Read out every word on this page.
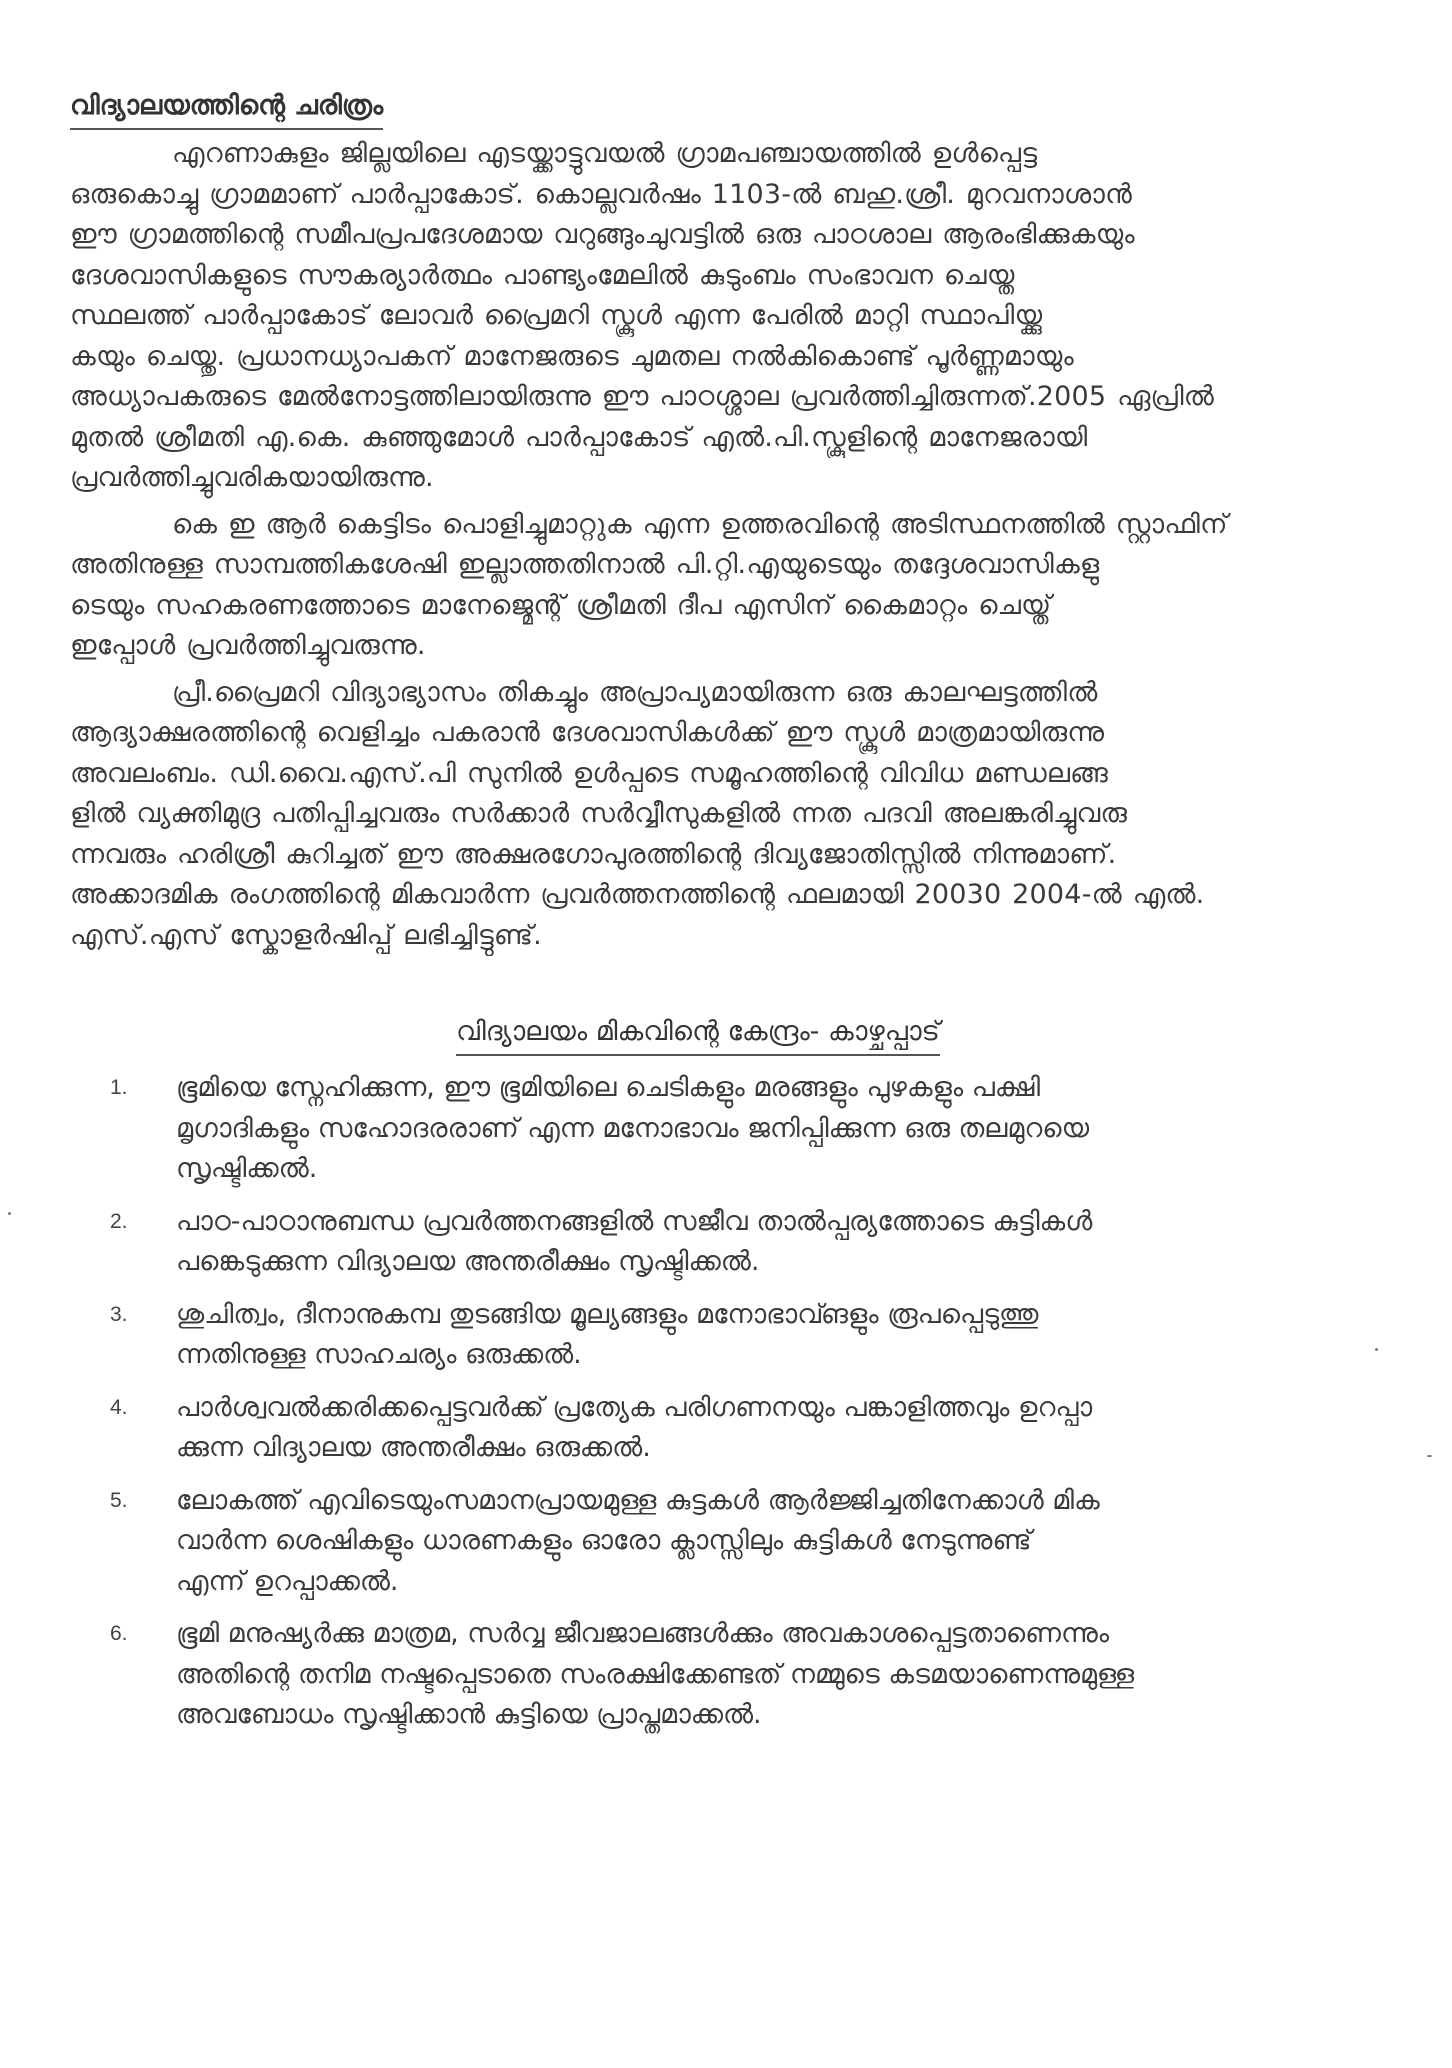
വിദ്യാലയത്തിന്റെ ചരിത്രം
എറണാകുളം ജില്ലയിലെ എടയ്ക്കാട്ടുവയൽ ഗ്രാമപഞ്ചായത്തിൽ ഉൾപ്പെട്ട
ഒരുകൊച്ചു ഗ്രാമമാണ് പാർപ്പാകോട്. കൊല്ലവർഷം 1103-ൽ ബഹു.ശ്രീ. മുറവനാശാൻ
ഈ ഗ്രാമത്തിന്റെ സമീപപ്രപദേശമായ വറുങ്ങുംചുവട്ടിൽ ഒരു പാഠശാല ആരംഭിക്കുകയും
ദേശവാസികളുടെ സൗകര്യാർത്ഥം പാണ്ട്യംമേലിൽ കുടുംബം സംഭാവന ചെയ്ത
സ്ഥലത്ത് പാർപ്പാകോട് ലോവർ പ്രൈമറി സ്കൂൾ എന്ന പേരിൽ മാറ്റി സ്ഥാപിയ്ക്കു
കയും ചെയ്തു. പ്രധാനധ്യാപകന് മാനേജരുടെ ചുമതല നൽകികൊണ്ട് പൂർണ്ണമായും
അധ്യാപകരുടെ മേൽനോട്ടത്തിലായിരുന്നു ഈ പാഠശ്ശാല പ്രവർത്തിച്ചിരുന്നത്.2005 ഏപ്രിൽ
മുതൽ ശ്രീമതി എ.കെ. കുഞ്ഞുമോൾ പാർപ്പാകോട് എൽ.പി.സ്കൂളിന്റെ മാനേജരായി
പ്രവർത്തിച്ചുവരികയായിരുന്നു.
കെ ഇ ആർ കെട്ടിടം പൊളിച്ചുമാറ്റുക എന്ന ഉത്തരവിന്റെ അടിസ്ഥനത്തിൽ സ്റ്റാഫിന്
അതിനുള്ള സാമ്പത്തികശേഷി ഇല്ലാത്തതിനാൽ പി.റ്റി.എയുടെയും തദ്ദേശവാസികളു
ടെയും സഹകരണത്തോടെ മാനേജ്മെന്റ് ശ്രീമതി ദീപ എസിന് കൈമാറ്റം ചെയ്ത്
ഇപ്പോൾ പ്രവർത്തിച്ചുവരുന്നു.
പ്രീ.പ്രൈമറി വിദ്യാഭ്യാസം തികച്ചും അപ്രാപ്യമായിരുന്ന ഒരു കാലഘട്ടത്തിൽ
ആദ്യാക്ഷരത്തിന്റെ വെളിച്ചം പകരാൻ ദേശവാസികൾക്ക് ഈ സ്കൂൾ മാത്രമായിരുന്നു
അവലംബം. ഡി.വൈ.എസ്.പി സുനിൽ ഉൾപ്പടെ സമൂഹത്തിന്റെ വിവിധ മണ്ഡലങ്ങ
ളിൽ വ്യക്തിമുദ്ര പതിപ്പിച്ചവരും സർക്കാർ സർവ്വീസുകളിൽ ന്നത പദവി അലങ്കരിച്ചുവരു
ന്നവരും ഹരിശ്രീ കുറിച്ചത് ഈ അക്ഷരഗോപുരത്തിന്റെ ദിവ്യജോതിസ്സിൽ നിന്നുമാണ്.
അക്കാദമിക രംഗത്തിന്റെ മികവാർന്ന പ്രവർത്തനത്തിന്റെ ഫലമായി 20030 2004-ൽ എൽ.
എസ്.എസ് സ്കോളർഷിപ്പ് ലഭിച്ചിട്ടുണ്ട്.
വിദ്യാലയം മികവിന്റെ കേന്ദ്രം- കാഴ്ചപ്പാട്
1.	ഭൂമിയെ സ്നേഹിക്കുന്ന, ഈ ഭൂമിയിലെ ചെടികളും മരങ്ങളും പുഴകളും പക്ഷി
മൃഗാദികളും സഹോദരരാണ് എന്ന മനോഭാവം ജനിപ്പിക്കുന്ന ഒരു തലമുറയെ
സൃഷ്ടിക്കൽ.
2.	പാഠ-പാഠാനുബന്ധ പ്രവർത്തനങ്ങളിൽ സജീവ താൽപ്പര്യത്തോടെ കുട്ടികൾ
പങ്കെടുക്കുന്ന വിദ്യാലയ അന്തരീക്ഷം സൃഷ്ടിക്കൽ.
3.	ശുചിത്വം, ദീനാനുകമ്പ തുടങ്ങിയ മൂല്യങ്ങളും മനോഭാവ്ങളും രൂപപ്പെടുത്തു
ന്നതിനുള്ള സാഹചര്യം ഒരുക്കൽ.
4.	പാർശ്വവൽക്കരിക്കപ്പെട്ടവർക്ക് പ്രത്യേക പരിഗണനയും പങ്കാളിത്തവും ഉറപ്പാ
ക്കുന്ന വിദ്യാലയ അന്തരീക്ഷം ഒരുക്കൽ.
5.	ലോകത്ത് എവിടെയുംസമാനപ്രായമുള്ള കുട്ടകൾ ആർജ്ജിച്ചതിനേക്കാൾ മിക
വാർന്ന ശെഷികളും ധാരണകളും ഓരോ ക്ലാസ്സിലും കുട്ടികൾ നേടുന്നുണ്ട്
എന്ന് ഉറപ്പാക്കൽ.
6.	ഭൂമി മനുഷ്യർക്കു മാത്രമ, സർവ്വ ജീവജാലങ്ങൾക്കും അവകാശപ്പെട്ടതാണെന്നും
അതിന്റെ തനിമ നഷ്ടപ്പെടാതെ സംരക്ഷിക്കേണ്ടത് നമ്മുടെ കടമയാണെന്നുമുള്ള
അവബോധം സൃഷ്ടിക്കാൻ കുട്ടിയെ പ്രാപ്തമാക്കൽ.
